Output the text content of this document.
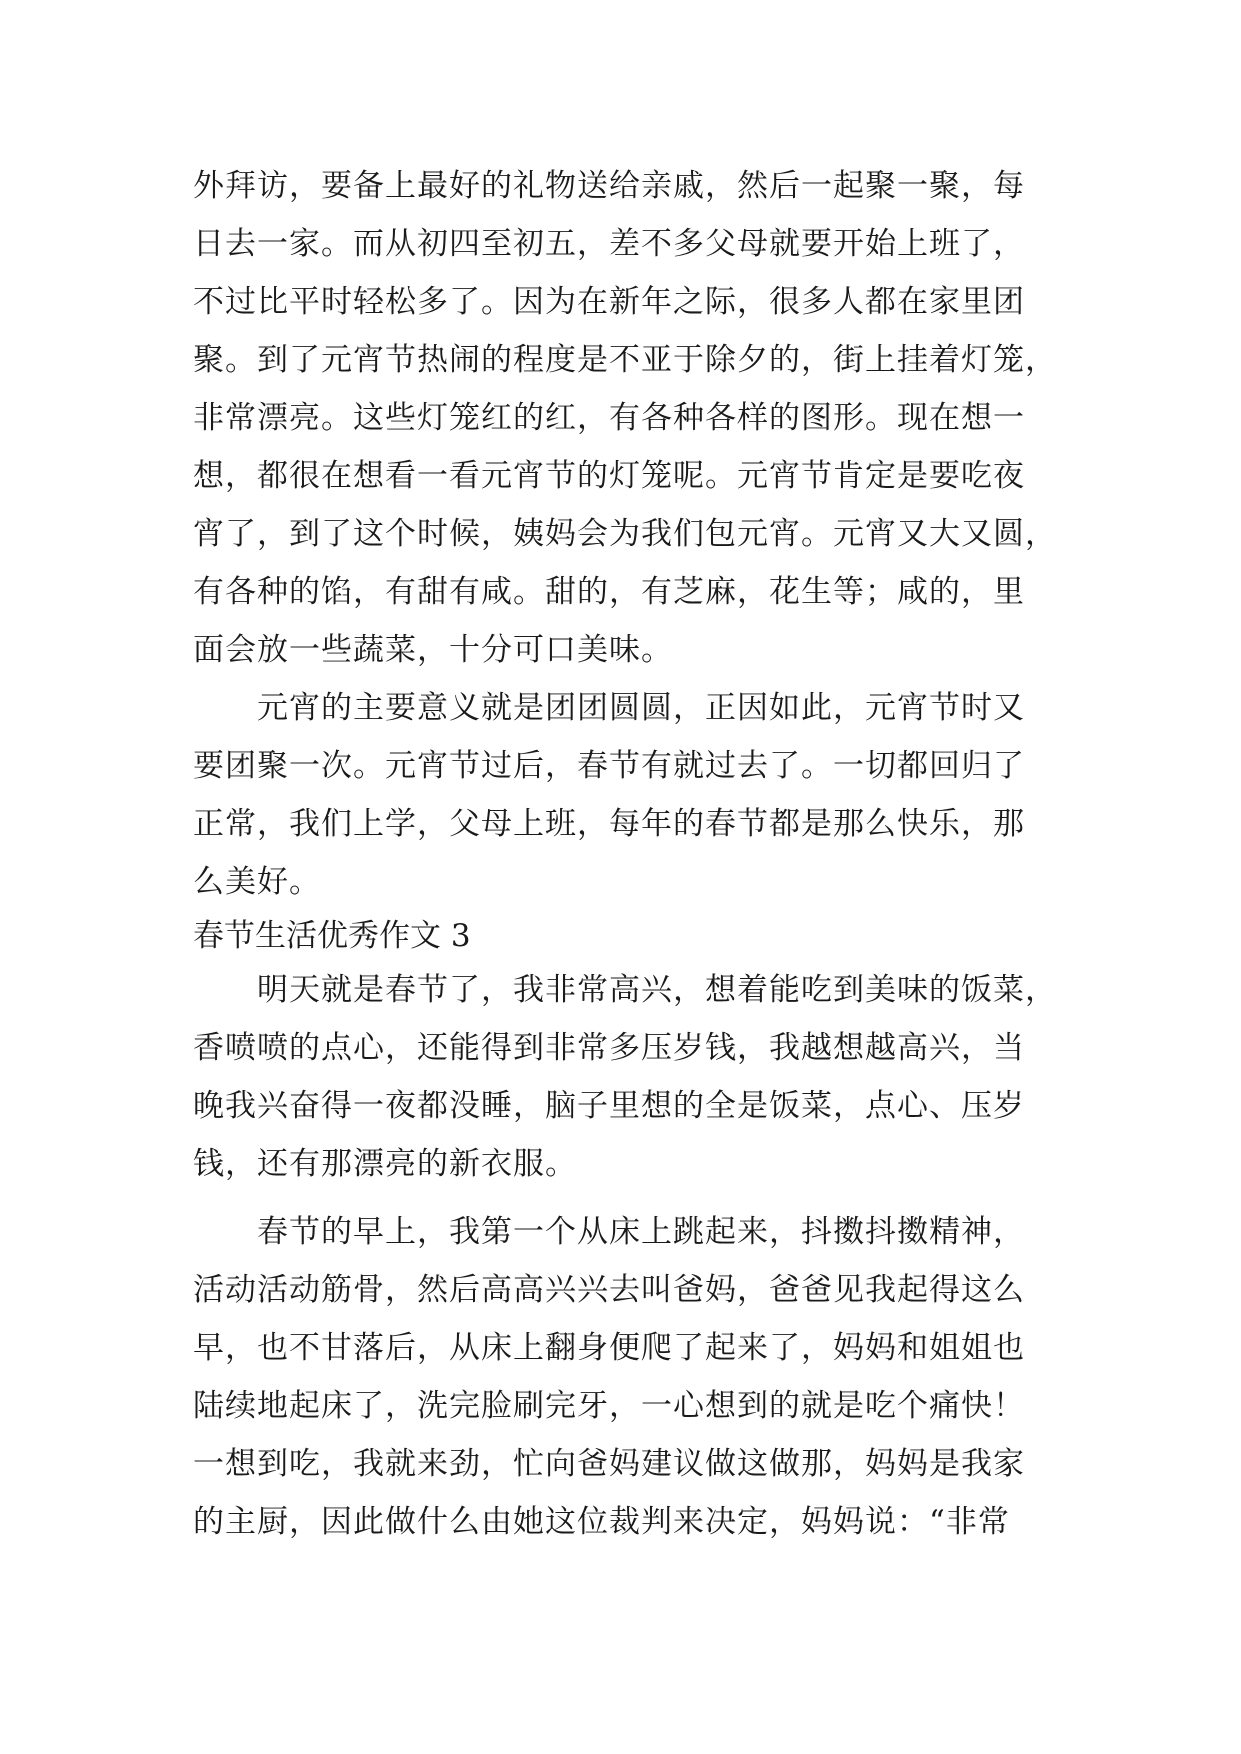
外拜访，要备上最好的礼物送给亲戚，然后一起聚一聚，每
日去一家。而从初四至初五，差不多父母就要开始上班了，
不过比平时轻松多了。因为在新年之际，很多人都在家里团
聚。到了元宵节热闹的程度是不亚于除夕的，街上挂着灯笼，
非常漂亮。这些灯笼红的红，有各种各样的图形。现在想一
想，都很在想看一看元宵节的灯笼呢。元宵节肯定是要吃夜
宵了，到了这个时候，姨妈会为我们包元宵。元宵又大又圆，
有各种的馅，有甜有咸。甜的，有芝麻，花生等；咸的，里
面会放一些蔬菜，十分可口美味。
元宵的主要意义就是团团圆圆，正因如此，元宵节时又
要团聚一次。元宵节过后，春节有就过去了。一切都回归了
正常，我们上学，父母上班，每年的春节都是那么快乐，那
么美好。
春节生活优秀作文 3
明天就是春节了，我非常高兴，想着能吃到美味的饭菜，
香喷喷的点心，还能得到非常多压岁钱，我越想越高兴，当
晚我兴奋得一夜都没睡，脑子里想的全是饭菜，点心、压岁
钱，还有那漂亮的新衣服。
春节的早上，我第一个从床上跳起来，抖擞抖擞精神，
活动活动筋骨，然后高高兴兴去叫爸妈，爸爸见我起得这么
早，也不甘落后，从床上翻身便爬了起来了，妈妈和姐姐也
陆续地起床了，洗完脸刷完牙，一心想到的就是吃个痛快！
一想到吃，我就来劲，忙向爸妈建议做这做那，妈妈是我家
的主厨，因此做什么由她这位裁判来决定，妈妈说：“非常
